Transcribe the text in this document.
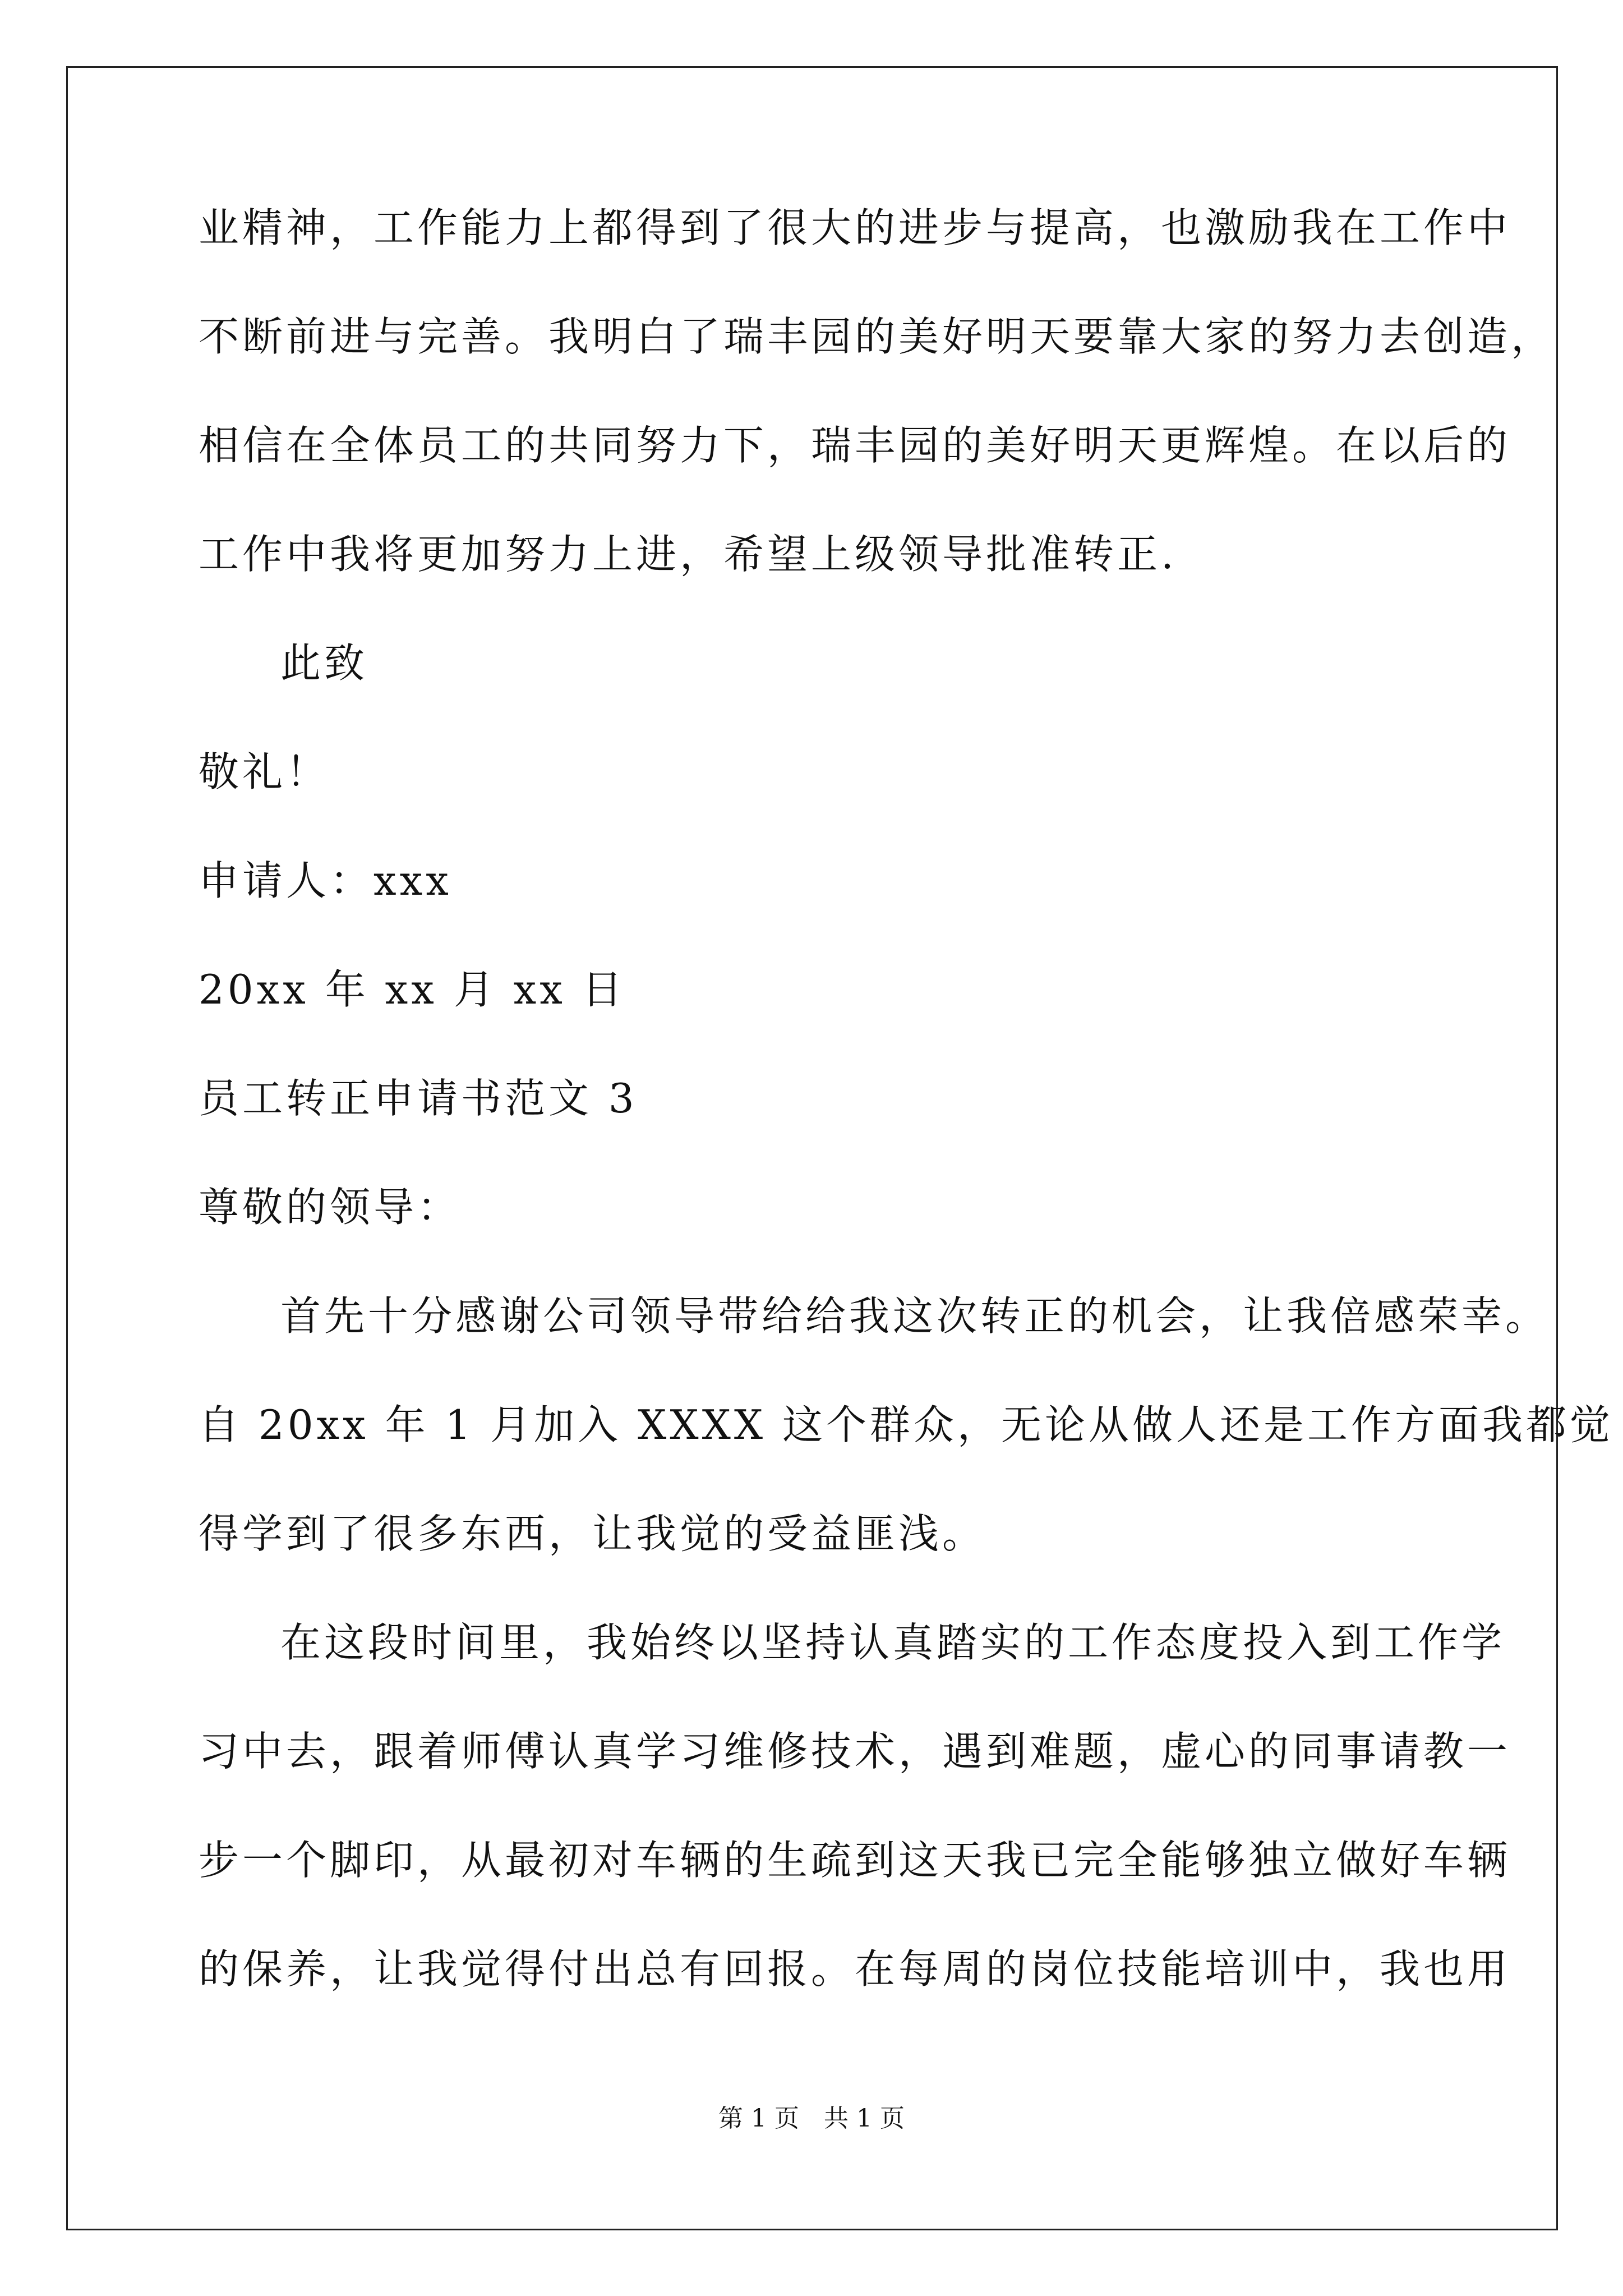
业精神，工作能力上都得到了很大的进步与提高，也激励我在工作中
不断前进与完善。我明白了瑞丰园的美好明天要靠大家的努力去创造，
相信在全体员工的共同努力下，瑞丰园的美好明天更辉煌。在以后的
工作中我将更加努力上进，希望上级领导批准转正.
此致
敬礼！
申请人：xxx
20xx 年 xx 月 xx 日
员工转正申请书范文 3
尊敬的领导：
首先十分感谢公司领导带给给我这次转正的机会，让我倍感荣幸。
自 20xx 年 1 月加入 XXXX 这个群众，无论从做人还是工作方面我都觉
得学到了很多东西，让我觉的受益匪浅。
在这段时间里，我始终以坚持认真踏实的工作态度投入到工作学
习中去，跟着师傅认真学习维修技术，遇到难题，虚心的同事请教一
步一个脚印，从最初对车辆的生疏到这天我已完全能够独立做好车辆
的保养，让我觉得付出总有回报。在每周的岗位技能培训中，我也用
第 1 页　共 1 页
